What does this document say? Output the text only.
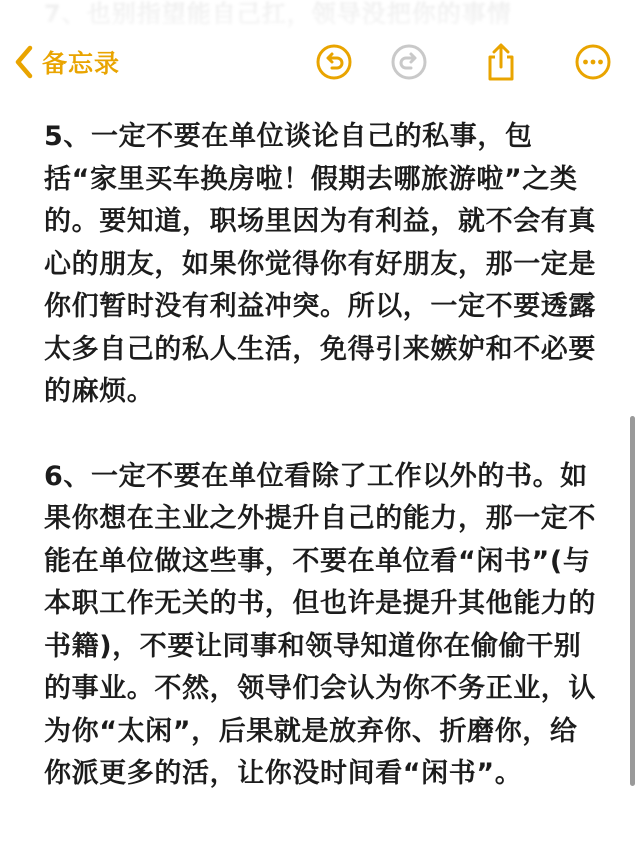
备忘录

5、一定不要在单位谈论自己的私事，包括“家里买车换房啦！假期去哪旅游啦”之类的。要知道，职场里因为有利益，就不会有真心的朋友，如果你觉得你有好朋友，那一定是你们暂时没有利益冲突。所以，一定不要透露太多自己的私人生活，免得引来嫉妒和不必要的麻烦。

6、一定不要在单位看除了工作以外的书。如果你想在主业之外提升自己的能力，那一定不能在单位做这些事，不要在单位看“闲书”(与本职工作无关的书，但也许是提升其他能力的书籍)，不要让同事和领导知道你在偷偷干别的事业。不然，领导们会认为你不务正业，认为你“太闲”，后果就是放弃你、折磨你，给你派更多的活，让你没时间看“闲书”。
